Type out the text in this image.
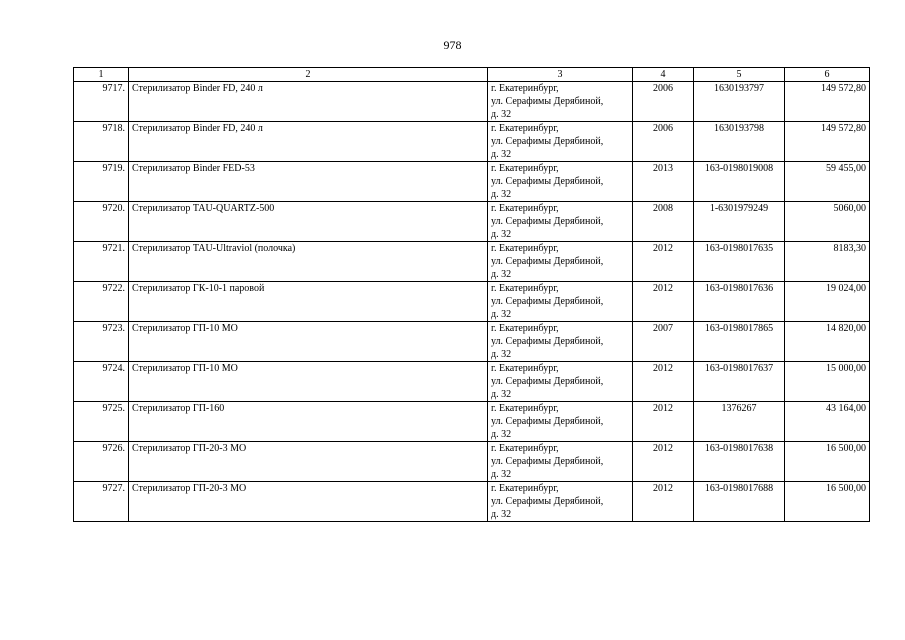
978
1	2	3	4	5	6
9717.	Стерилизатор Binder FD, 240 л	г. Екатеринбург,
ул. Серафимы Дерябиной,
д. 32	2006	1630193797	149 572,80
9718.	Стерилизатор Binder FD, 240 л	г. Екатеринбург,
ул. Серафимы Дерябиной,
д. 32	2006	1630193798	149 572,80
9719.	Стерилизатор Binder FED-53	г. Екатеринбург,
ул. Серафимы Дерябиной,
д. 32	2013	163-0198019008	59 455,00
9720.	Стерилизатор TAU-QUARTZ-500	г. Екатеринбург,
ул. Серафимы Дерябиной,
д. 32	2008	1-6301979249	5060,00
9721.	Стерилизатор TAU-Ultraviol (полочка)	г. Екатеринбург,
ул. Серафимы Дерябиной,
д. 32	2012	163-0198017635	8183,30
9722.	Стерилизатор ГК-10-1 паровой	г. Екатеринбург,
ул. Серафимы Дерябиной,
д. 32	2012	163-0198017636	19 024,00
9723.	Стерилизатор ГП-10 МО	г. Екатеринбург,
ул. Серафимы Дерябиной,
д. 32	2007	163-0198017865	14 820,00
9724.	Стерилизатор ГП-10 МО	г. Екатеринбург,
ул. Серафимы Дерябиной,
д. 32	2012	163-0198017637	15 000,00
9725.	Стерилизатор ГП-160	г. Екатеринбург,
ул. Серафимы Дерябиной,
д. 32	2012	1376267	43 164,00
9726.	Стерилизатор ГП-20-3 МО	г. Екатеринбург,
ул. Серафимы Дерябиной,
д. 32	2012	163-0198017638	16 500,00
9727.	Стерилизатор ГП-20-3 МО	г. Екатеринбург,
ул. Серафимы Дерябиной,
д. 32	2012	163-0198017688	16 500,00
